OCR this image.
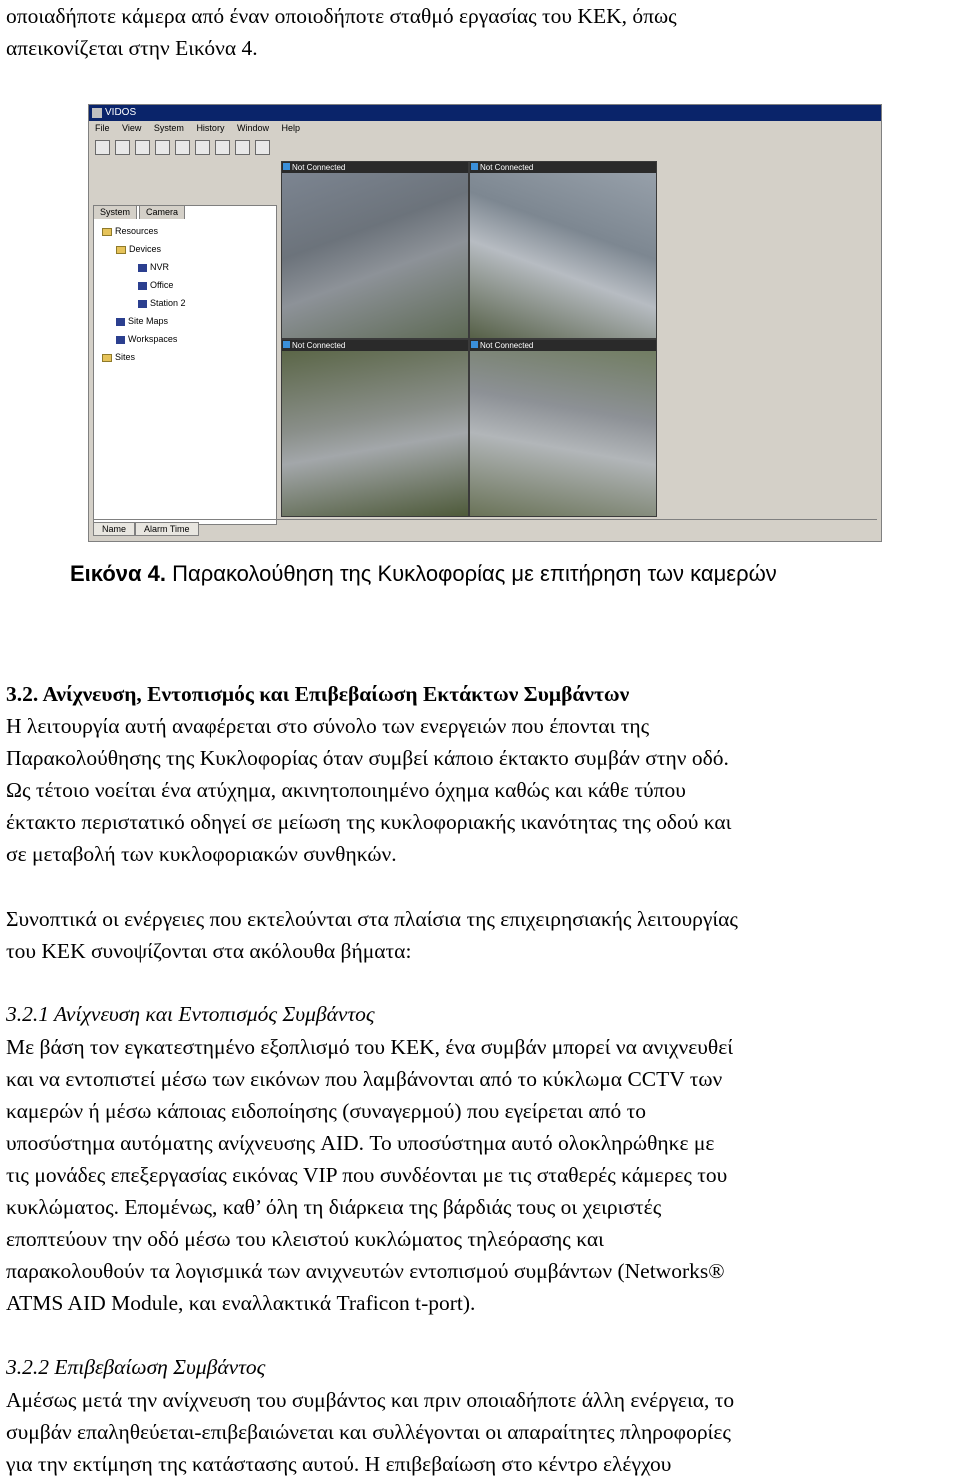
οποιαδήποτε κάμερα από έναν οποιοδήποτε σταθμό εργασίας του ΚΕΚ, όπως
απεικονίζεται στην Εικόνα 4.
VIDOS
File View System History Window Help
Resources
Devices
NVR
Office
Station 2
Site Maps
Workspaces
Sites
System Camera
Not Connected	Not Connected
Not Connected	Not Connected
Name Alarm Time
Εικόνα 4. Παρακολούθηση της Κυκλοφορίας με επιτήρηση των καμερών
3.2. Ανίχνευση, Εντοπισμός και Επιβεβαίωση Εκτάκτων Συμβάντων
Η λειτουργία αυτή αναφέρεται στο σύνολο των ενεργειών που έπονται της
Παρακολούθησης της Κυκλοφορίας όταν συμβεί κάποιο έκτακτο συμβάν στην οδό.
Ως τέτοιο νοείται ένα ατύχημα, ακινητοποιημένο όχημα καθώς και κάθε τύπου
έκτακτο περιστατικό οδηγεί σε μείωση της κυκλοφοριακής ικανότητας της οδού και
σε μεταβολή των κυκλοφοριακών συνθηκών.
Συνοπτικά οι ενέργειες που εκτελούνται στα πλαίσια της επιχειρησιακής λειτουργίας
του ΚΕΚ συνοψίζονται στα ακόλουθα βήματα:
3.2.1 Ανίχνευση και Εντοπισμός Συμβάντος
Με βάση τον εγκατεστημένο εξοπλισμό του ΚΕΚ, ένα συμβάν μπορεί να ανιχνευθεί
και να εντοπιστεί μέσω των εικόνων που λαμβάνονται από το κύκλωμα CCTV των
καμερών ή μέσω κάποιας ειδοποίησης (συναγερμού) που εγείρεται από το
υποσύστημα αυτόματης ανίχνευσης AID. Το υποσύστημα αυτό ολοκληρώθηκε με
τις μονάδες επεξεργασίας εικόνας VIP που συνδέονται με τις σταθερές κάμερες του
κυκλώματος. Επομένως, καθ’ όλη τη διάρκεια της βάρδιάς τους οι χειριστές
εποπτεύουν την οδό μέσω του κλειστού κυκλώματος τηλεόρασης και
παρακολουθούν τα λογισμικά των ανιχνευτών εντοπισμού συμβάντων (Networks®
ATMS AID Module, και εναλλακτικά Traficon t-port).
3.2.2 Επιβεβαίωση Συμβάντος
Αμέσως μετά την ανίχνευση του συμβάντος και πριν οποιαδήποτε άλλη ενέργεια, το
συμβάν επαληθεύεται-επιβεβαιώνεται και συλλέγονται οι απαραίτητες πληροφορίες
για την εκτίμηση της κατάστασης αυτού. Η επιβεβαίωση στο κέντρο ελέγχου
